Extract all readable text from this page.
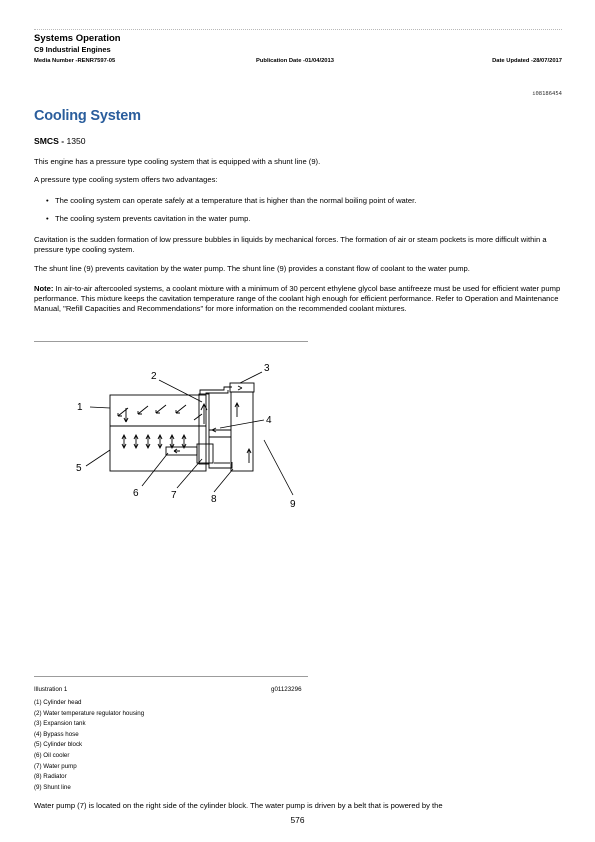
Systems Operation
C9 Industrial Engines
Media Number -RENR7597-05	Publication Date -01/04/2013	Date Updated -28/07/2017
i08186454
Cooling System
SMCS - 1350
This engine has a pressure type cooling system that is equipped with a shunt line (9).
A pressure type cooling system offers two advantages:
• The cooling system can operate safely at a temperature that is higher than the normal boiling point of water.
• The cooling system prevents cavitation in the water pump.
Cavitation is the sudden formation of low pressure bubbles in liquids by mechanical forces. The formation of air or steam pockets is more difficult within a pressure type cooling system.
The shunt line (9) prevents cavitation by the water pump. The shunt line (9) provides a constant flow of coolant to the water pump.
Note: In air-to-air aftercooled systems, a coolant mixture with a minimum of 30 percent ethylene glycol base antifreeze must be used for efficient water pump performance. This mixture keeps the cavitation temperature range of the coolant high enough for efficient performance. Refer to Operation and Maintenance Manual, "Refill Capacities and Recommendations" for more information on the recommended coolant mixtures.
1
2
3
4
5
6	7	8	9
Illustration 1	g01123296
(1) Cylinder head
(2) Water temperature regulator housing
(3) Expansion tank
(4) Bypass hose
(5) Cylinder block
(6) Oil cooler
(7) Water pump
(8) Radiator
(9) Shunt line
Water pump (7) is located on the right side of the cylinder block. The water pump is driven by a belt that is powered by the
576
